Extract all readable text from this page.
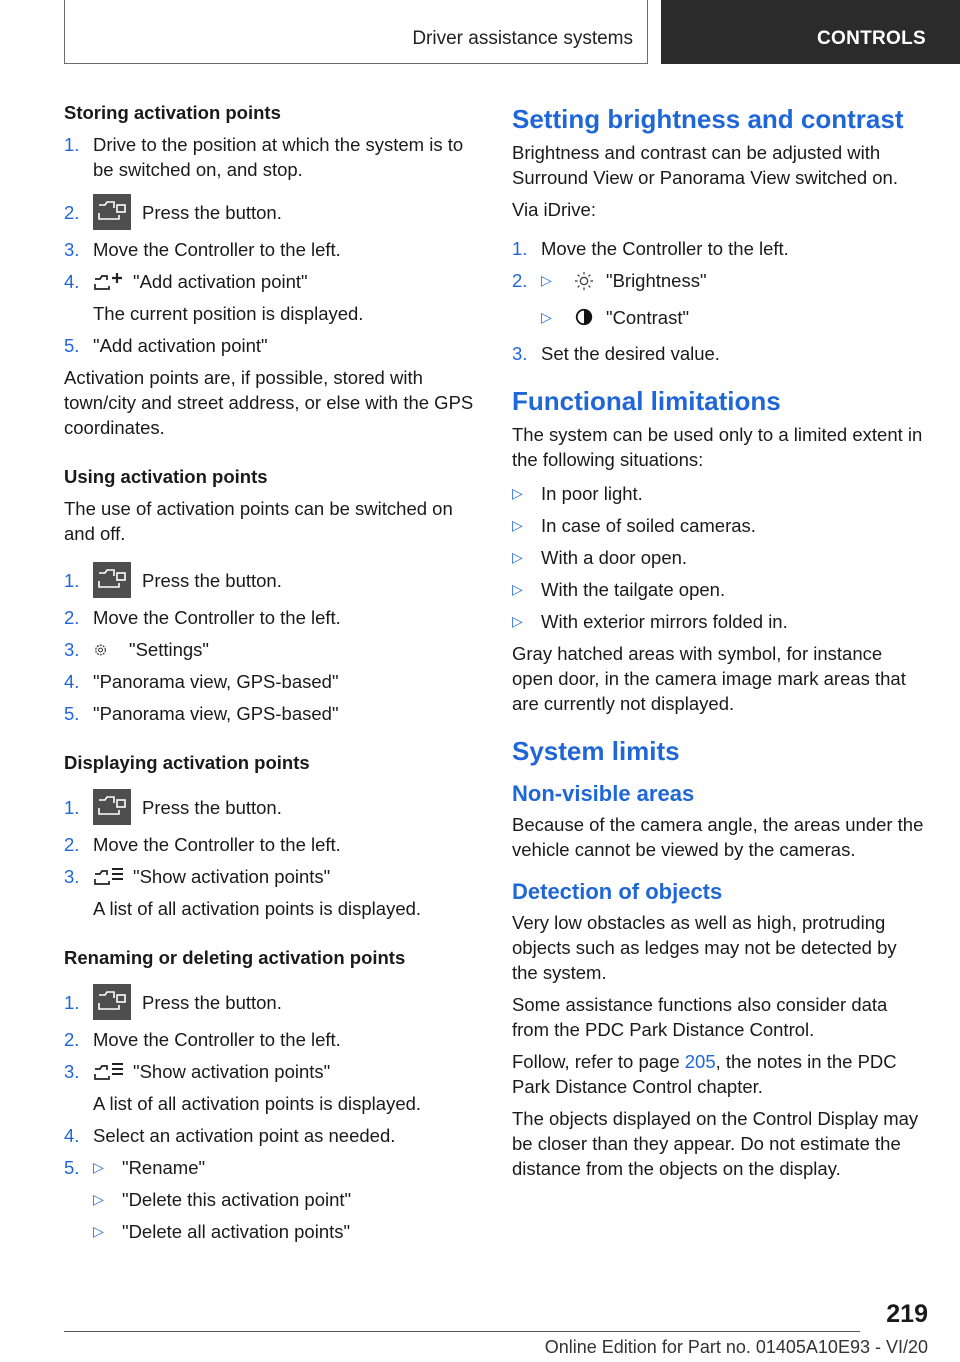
Driver assistance systems	CONTROLS
Storing activation points
1. Drive to the position at which the system is to be switched on, and stop.
2.	Press the button.
3. Move the Controller to the left.
4.	"Add activation point"
The current position is displayed.
5. "Add activation point"
Activation points are, if possible, stored with town/city and street address, or else with the GPS coordinates.
Using activation points
The use of activation points can be switched on and off.
1.	Press the button.
2. Move the Controller to the left.
3.	"Settings"
4. "Panorama view, GPS-based"
5. "Panorama view, GPS-based"
Displaying activation points
1.	Press the button.
2. Move the Controller to the left.
3.	"Show activation points"
A list of all activation points is displayed.
Renaming or deleting activation points
1.	Press the button.
2. Move the Controller to the left.
3.	"Show activation points"
A list of all activation points is displayed.
4. Select an activation point as needed.
5. ▷ "Rename"
▷ "Delete this activation point"
▷ "Delete all activation points"
Setting brightness and contrast
Brightness and contrast can be adjusted with Surround View or Panorama View switched on.
Via iDrive:
1. Move the Controller to the left.
2. ▷	"Brightness"
▷	"Contrast"
3. Set the desired value.
Functional limitations
The system can be used only to a limited extent in the following situations:
▷ In poor light.
▷ In case of soiled cameras.
▷ With a door open.
▷ With the tailgate open.
▷ With exterior mirrors folded in.
Gray hatched areas with symbol, for instance open door, in the camera image mark areas that are currently not displayed.
System limits
Non-visible areas
Because of the camera angle, the areas under the vehicle cannot be viewed by the cameras.
Detection of objects
Very low obstacles as well as high, protruding objects such as ledges may not be detected by the system.
Some assistance functions also consider data from the PDC Park Distance Control.
Follow, refer to page 205, the notes in the PDC Park Distance Control chapter.
The objects displayed on the Control Display may be closer than they appear. Do not estimate the distance from the objects on the display.
219
Online Edition for Part no. 01405A10E93 - VI/20
